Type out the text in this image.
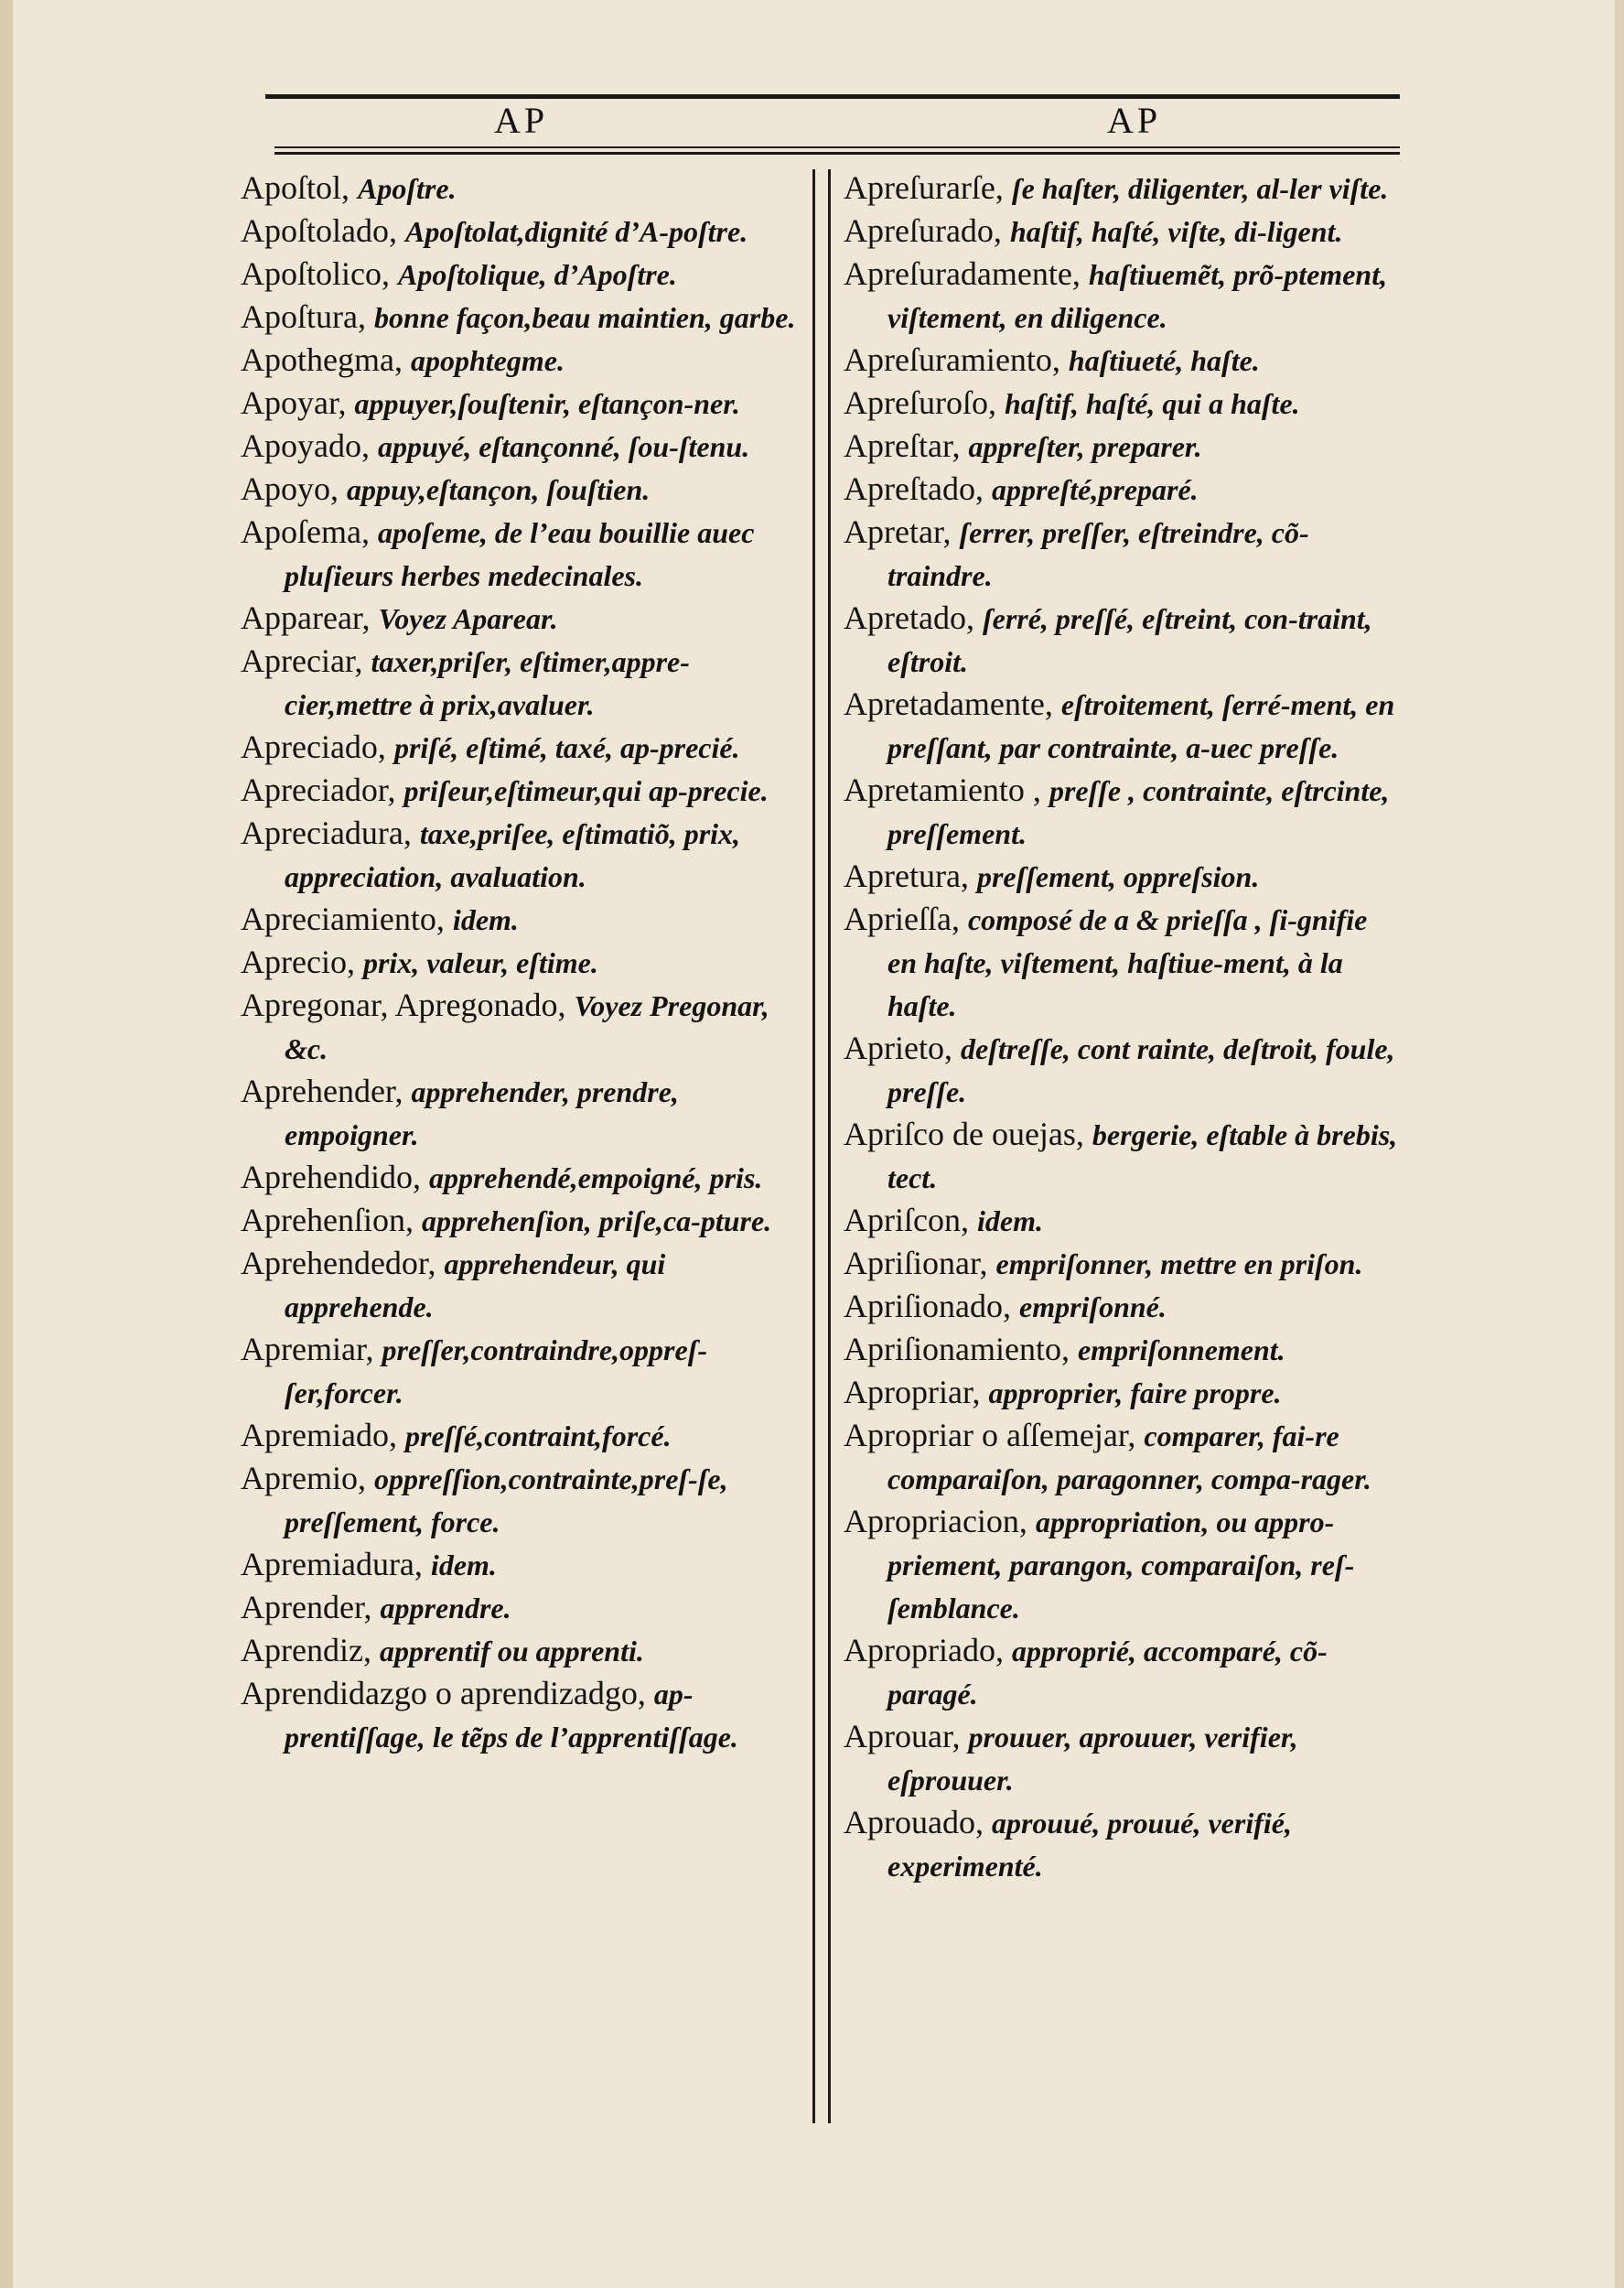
AP	AP
Apoſtol, Apoſtre.
Apoſtolado, Apoſtolat,dignité d’A-poſtre.
Apoſtolico, Apoſtolique, d’Apoſtre.
Apoſtura, bonne façon,beau maintien, garbe.
Apothegma, apophtegme.
Apoyar, appuyer,ſouſtenir, eſtançon-ner.
Apoyado, appuyé, eſtançonné, ſou-ſtenu.
Apoyo, appuy,eſtançon, ſouſtien.
Apoſema, apoſeme, de l’eau bouillie auec pluſieurs herbes medecinales.
Apparear, Voyez Aparear.
Apreciar, taxer,priſer, eſtimer,appre-cier,mettre à prix,avaluer.
Apreciado, priſé, eſtimé, taxé, ap-precié.
Apreciador, priſeur,eſtimeur,qui ap-precie.
Apreciadura, taxe,priſee, eſtimatiõ, prix, appreciation, avaluation.
Apreciamiento, idem.
Aprecio, prix, valeur, eſtime.
Apregonar, Apregonado, Voyez Pregonar, &c.
Aprehender, apprehender, prendre, empoigner.
Aprehendido, apprehendé,empoigné, pris.
Aprehenſion, apprehenſion, priſe,ca-pture.
Aprehendedor, apprehendeur, qui apprehende.
Apremiar, preſſer,contraindre,oppreſ-ſer,forcer.
Apremiado, preſſé,contraint,forcé.
Apremio, oppreſſion,contrainte,preſ-ſe, preſſement, force.
Apremiadura, idem.
Aprender, apprendre.
Aprendiz, apprentif ou apprenti.
Aprendidazgo o aprendizadgo, ap-prentiſſage, le tẽps de l’apprentiſſage.
Apreſurarſe, ſe haſter, diligenter, al-ler viſte.
Apreſurado, haſtif, haſté, viſte, di-ligent.
Apreſuradamente, haſtiuemẽt, prõ-ptement, viſtement, en diligence.
Apreſuramiento, haſtiueté, haſte.
Apreſuroſo, haſtif, haſté, qui a haſte.
Apreſtar, appreſter, preparer.
Apreſtado, appreſté,preparé.
Apretar, ſerrer, preſſer, eſtreindre, cõ-traindre.
Apretado, ſerré, preſſé, eſtreint, con-traint, eſtroit.
Apretadamente, eſtroitement, ſerré-ment, en preſſant, par contrainte, a-uec preſſe.
Apretamiento , preſſe , contrainte, eſtrcinte, preſſement.
Apretura, preſſement, oppreſsion.
Aprieſſa, composé de a & prieſſa , ſi-gnifie en haſte, viſtement, haſtiue-ment, à la haſte.
Aprieto, deſtreſſe, cont rainte, deſtroit, foule, preſſe.
Apriſco de ouejas, bergerie, eſtable à brebis, tect.
Apriſcon, idem.
Apriſionar, empriſonner, mettre en priſon.
Apriſionado, empriſonné.
Apriſionamiento, empriſonnement.
Apropriar, approprier, faire propre.
Apropriar o aſſemejar, comparer, fai-re comparaiſon, paragonner, compa-rager.
Apropriacion, appropriation, ou appro-priement, parangon, comparaiſon, reſ-ſemblance.
Apropriado, approprié, accomparé, cõ-paragé.
Aprouar, prouuer, aprouuer, verifier, eſprouuer.
Aprouado, aprouué, prouué, verifié, experimenté.
